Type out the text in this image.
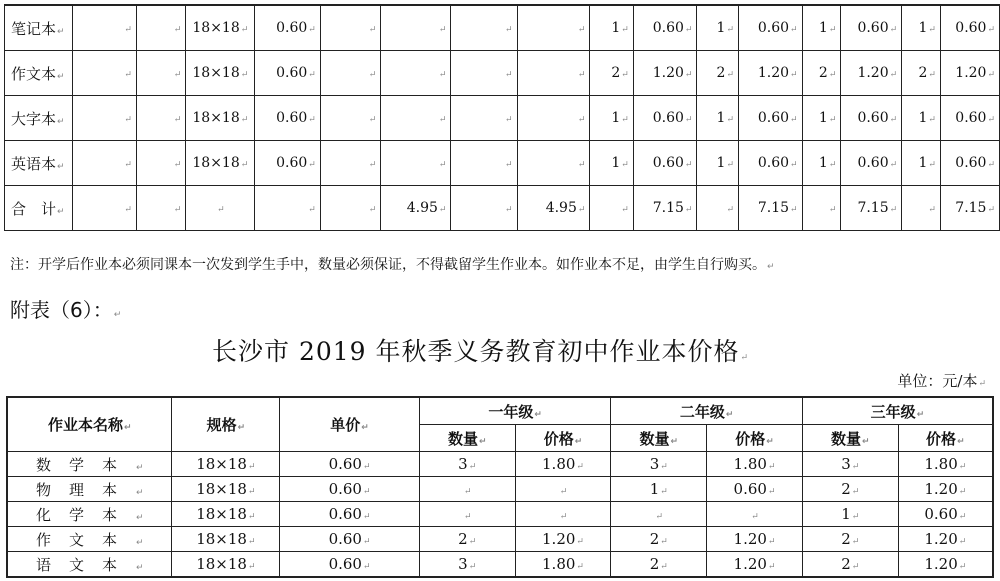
笔记本↵	↵	↵	18×18↵	0.60↵	↵	↵	↵	↵	1↵	0.60↵	1↵	0.60↵	1↵	0.60↵	1↵	0.60↵
作文本↵	↵	↵	18×18↵	0.60↵	↵	↵	↵	↵	2↵	1.20↵	2↵	1.20↵	2↵	1.20↵	2↵	1.20↵
大字本↵	↵	↵	18×18↵	0.60↵	↵	↵	↵	↵	1↵	0.60↵	1↵	0.60↵	1↵	0.60↵	1↵	0.60↵
英语本↵	↵	↵	18×18↵	0.60↵	↵	↵	↵	↵	1↵	0.60↵	1↵	0.60↵	1↵	0.60↵	1↵	0.60↵
合　计↵	↵	↵	↵	↵	↵	4.95↵	↵	4.95↵	↵	7.15↵	↵	7.15↵	↵	7.15↵	↵	7.15↵
注：开学后作业本必须同课本一次发到学生手中，数量必须保证，不得截留学生作业本。如作业本不足，由学生自行购买。↵
附表（6）：↵
长沙市 2019 年秋季义务教育初中作业本价格↵
单位：元/本↵
作业本名称↵	规格↵	单价↵	一年级↵		二年级↵		三年级↵	
			数量↵	价格↵	数量↵	价格↵	数量↵	价格↵
数学本↵	18×18↵	0.60↵	3↵	1.80↵	3↵	1.80↵	3↵	1.80↵
物理本↵	18×18↵	0.60↵	↵	↵	1↵	0.60↵	2↵	1.20↵
化学本↵	18×18↵	0.60↵	↵	↵	↵	↵	1↵	0.60↵
作文本↵	18×18↵	0.60↵	2↵	1.20↵	2↵	1.20↵	2↵	1.20↵
语文本↵	18×18↵	0.60↵	3↵	1.80↵	2↵	1.20↵	2↵	1.20↵
